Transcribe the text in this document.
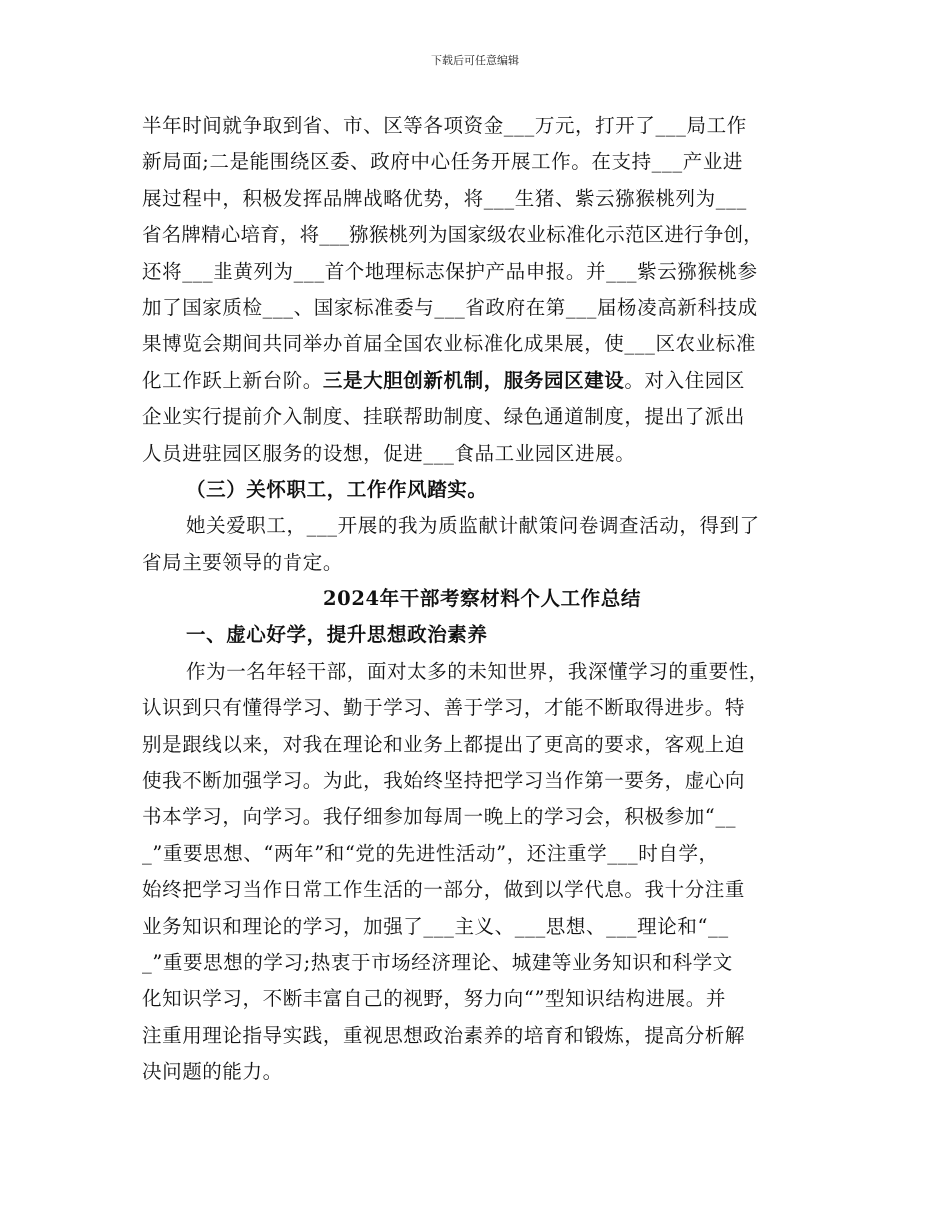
下载后可任意编辑
半年时间就争取到省、市、区等各项资金___万元，打开了___局工作
新局面;二是能围绕区委、政府中心任务开展工作。在支持___产业进
展过程中，积极发挥品牌战略优势，将___生猪、紫云猕猴桃列为___
省名牌精心培育，将___猕猴桃列为国家级农业标准化示范区进行争创，
还将___韭黄列为___首个地理标志保护产品申报。并___紫云猕猴桃参
加了国家质检___、国家标准委与___省政府在第___届杨凌高新科技成
果博览会期间共同举办首届全国农业标准化成果展，使___区农业标准
化工作跃上新台阶。三是大胆创新机制，服务园区建设。对入住园区
企业实行提前介入制度、挂联帮助制度、绿色通道制度，提出了派出
人员进驻园区服务的设想，促进___食品工业园区进展。
（三）关怀职工，工作作风踏实。
她关爱职工，___开展的我为质监献计献策问卷调查活动，得到了
省局主要领导的肯定。
2024年干部考察材料个人工作总结
一、虚心好学，提升思想政治素养
作为一名年轻干部，面对太多的未知世界，我深懂学习的重要性，
认识到只有懂得学习、勤于学习、善于学习，才能不断取得进步。特
别是跟线以来，对我在理论和业务上都提出了更高的要求，客观上迫
使我不断加强学习。为此，我始终坚持把学习当作第一要务，虚心向
书本学习，向学习。我仔细参加每周一晚上的学习会，积极参加“__
_”重要思想、“两年”和“党的先进性活动”，还注重学___时自学，
始终把学习当作日常工作生活的一部分，做到以学代息。我十分注重
业务知识和理论的学习，加强了___主义、___思想、___理论和“__
_”重要思想的学习;热衷于市场经济理论、城建等业务知识和科学文
化知识学习，不断丰富自己的视野，努力向“”型知识结构进展。并
注重用理论指导实践，重视思想政治素养的培育和锻炼，提高分析解
决问题的能力。
